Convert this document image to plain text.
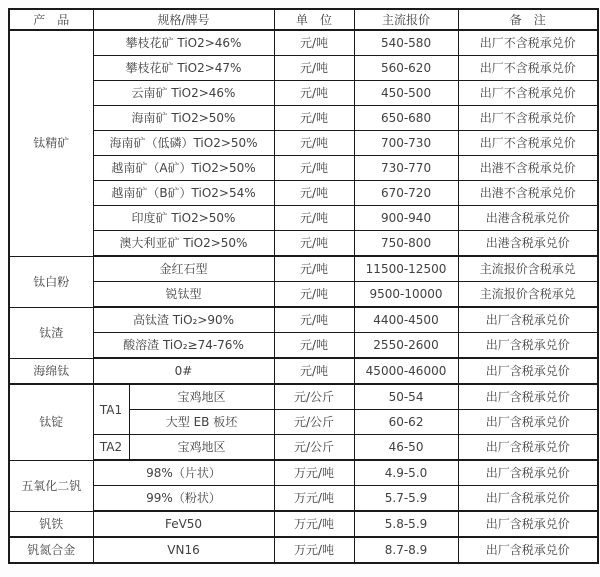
产　品	规格/牌号		单　位	主流报价	备　注
钛精矿	攀枝花矿 TiO2>46%		元/吨	540-580	出厂不含税承兑价
	攀枝花矿 TiO2>47%		元/吨	560-620	出厂不含税承兑价
	云南矿 TiO2>46%		元/吨	450-500	出厂不含税承兑价
	海南矿 TiO2>50%		元/吨	650-680	出厂不含税承兑价
	海南矿（低磷）TiO2>50%		元/吨	700-730	出厂不含税承兑价
	越南矿（A矿）TiO2>50%		元/吨	730-770	出港不含税承兑价
	越南矿（B矿）TiO2>54%		元/吨	670-720	出港不含税承兑价
	印度矿 TiO2>50%		元/吨	900-940	出港含税承兑价
	澳大利亚矿 TiO2>50%		元/吨	750-800	出港含税承兑价
钛白粉	金红石型		元/吨	11500-12500	主流报价含税承兑
	锐钛型		元/吨	9500-10000	主流报价含税承兑
钛渣	高钛渣 TiO₂>90%		元/吨	4400-4500	出厂含税承兑价
	酸溶渣 TiO₂≥74-76%		元/吨	2550-2600	出厂含税承兑价
海绵钛	0#		元/吨	45000-46000	出厂含税承兑价
钛锭	TA1	宝鸡地区	元/公斤	50-54	出厂含税承兑价
		大型 EB 板坯	元/公斤	60-62	出厂含税承兑价
	TA2	宝鸡地区	元/公斤	46-50	出厂含税承兑价
五氧化二钒	98%（片状）		万元/吨	4.9-5.0	出厂含税承兑价
	99%（粉状）		万元/吨	5.7-5.9	出厂含税承兑价
钒铁	FeV50		万元/吨	5.8-5.9	出厂含税承兑价
钒氮合金	VN16		万元/吨	8.7-8.9	出厂含税承兑价
